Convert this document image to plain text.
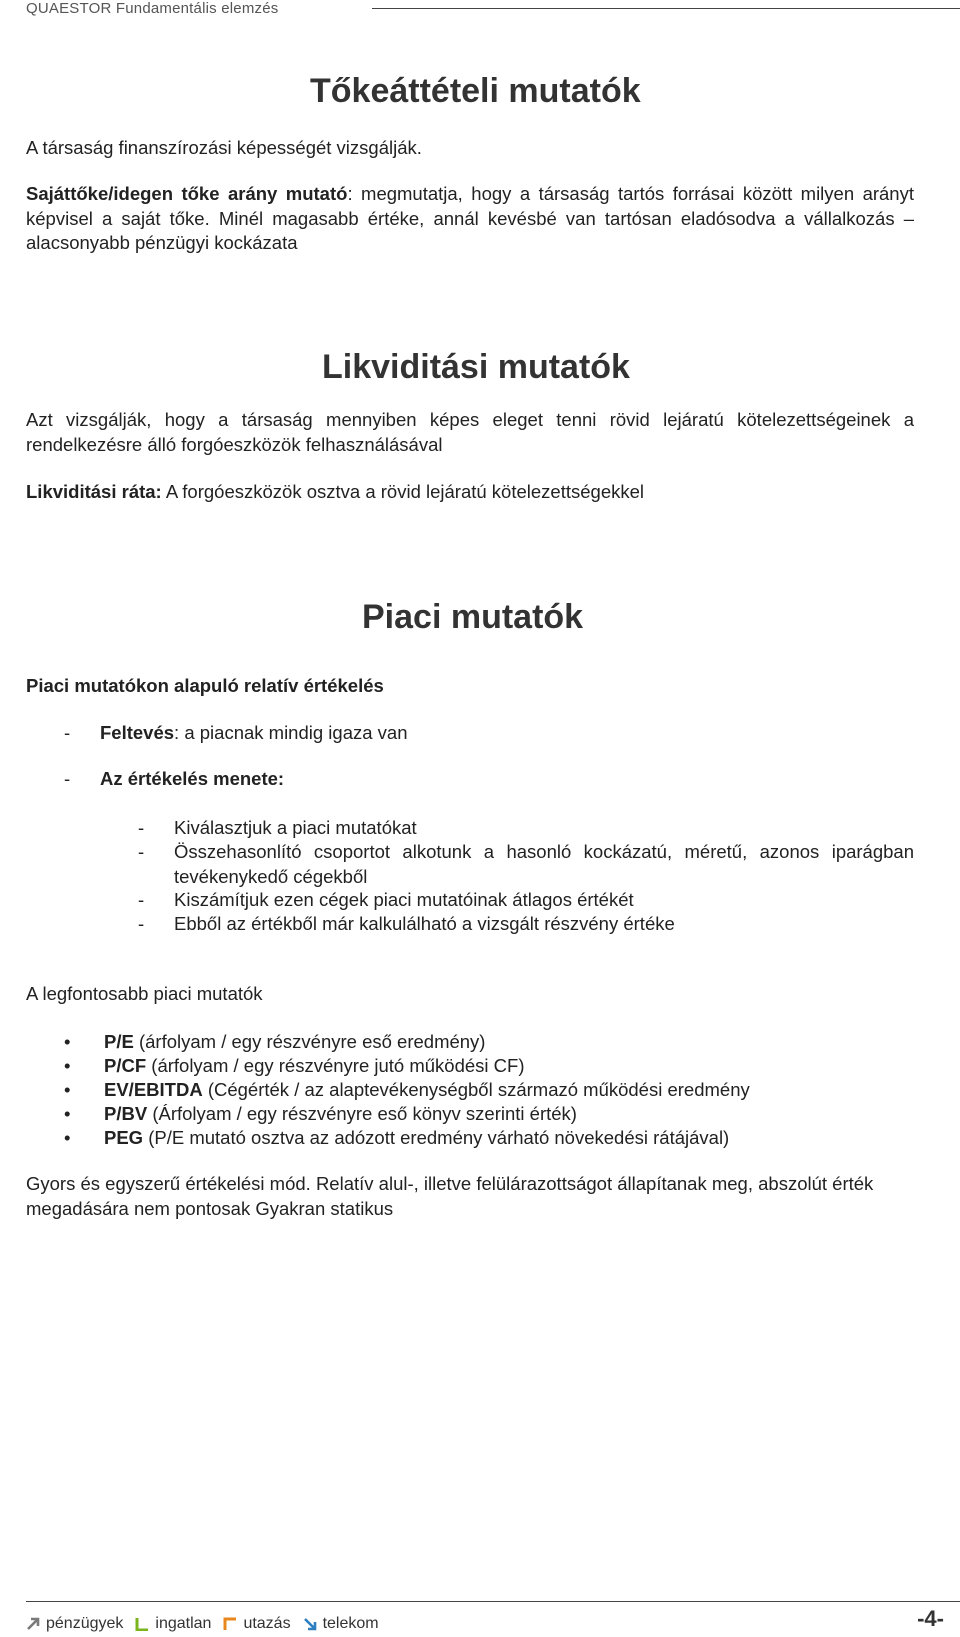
QUAESTOR Fundamentális elemzés
Tőkeáttételi mutatók

A társaság finanszírozási képességét vizsgálják.

Sajáttőke/idegen tőke arány mutató: megmutatja, hogy a társaság tartós forrásai között milyen arányt képvisel a saját tőke. Minél magasabb értéke, annál kevésbé van tartósan eladósodva a vállalkozás – alacsonyabb pénzügyi kockázata

Likviditási mutatók

Azt vizsgálják, hogy a társaság mennyiben képes eleget tenni rövid lejáratú kötelezettségeinek a rendelkezésre álló forgóeszközök felhasználásával

Likviditási ráta: A forgóeszközök osztva a rövid lejáratú kötelezettségekkel

Piaci mutatók

Piaci mutatókon alapuló relatív értékelés

- Feltevés: a piacnak mindig igaza van
- Az értékelés menete:
- Kiválasztjuk a piaci mutatókat
- Összehasonlító csoportot alkotunk a hasonló kockázatú, méretű, azonos iparágban tevékenykedő cégekből
- Kiszámítjuk ezen cégek piaci mutatóinak átlagos értékét
- Ebből az értékből már kalkulálható a vizsgált részvény értéke

A legfontosabb piaci mutatók

• P/E (árfolyam / egy részvényre eső eredmény)
• P/CF (árfolyam / egy részvényre jutó működési CF)
• EV/EBITDA (Cégérték / az alaptevékenységből származó működési eredmény
• P/BV (Árfolyam / egy részvényre eső könyv szerinti érték)
• PEG (P/E mutató osztva az adózott eredmény várható növekedési rátájával)

Gyors és egyszerű értékelési mód. Relatív alul-, illetve felülárazottságot állapítanak meg, abszolút érték megadására nem pontosak Gyakran statikus

pénzügyek ingatlan utazás telekom	-4-
